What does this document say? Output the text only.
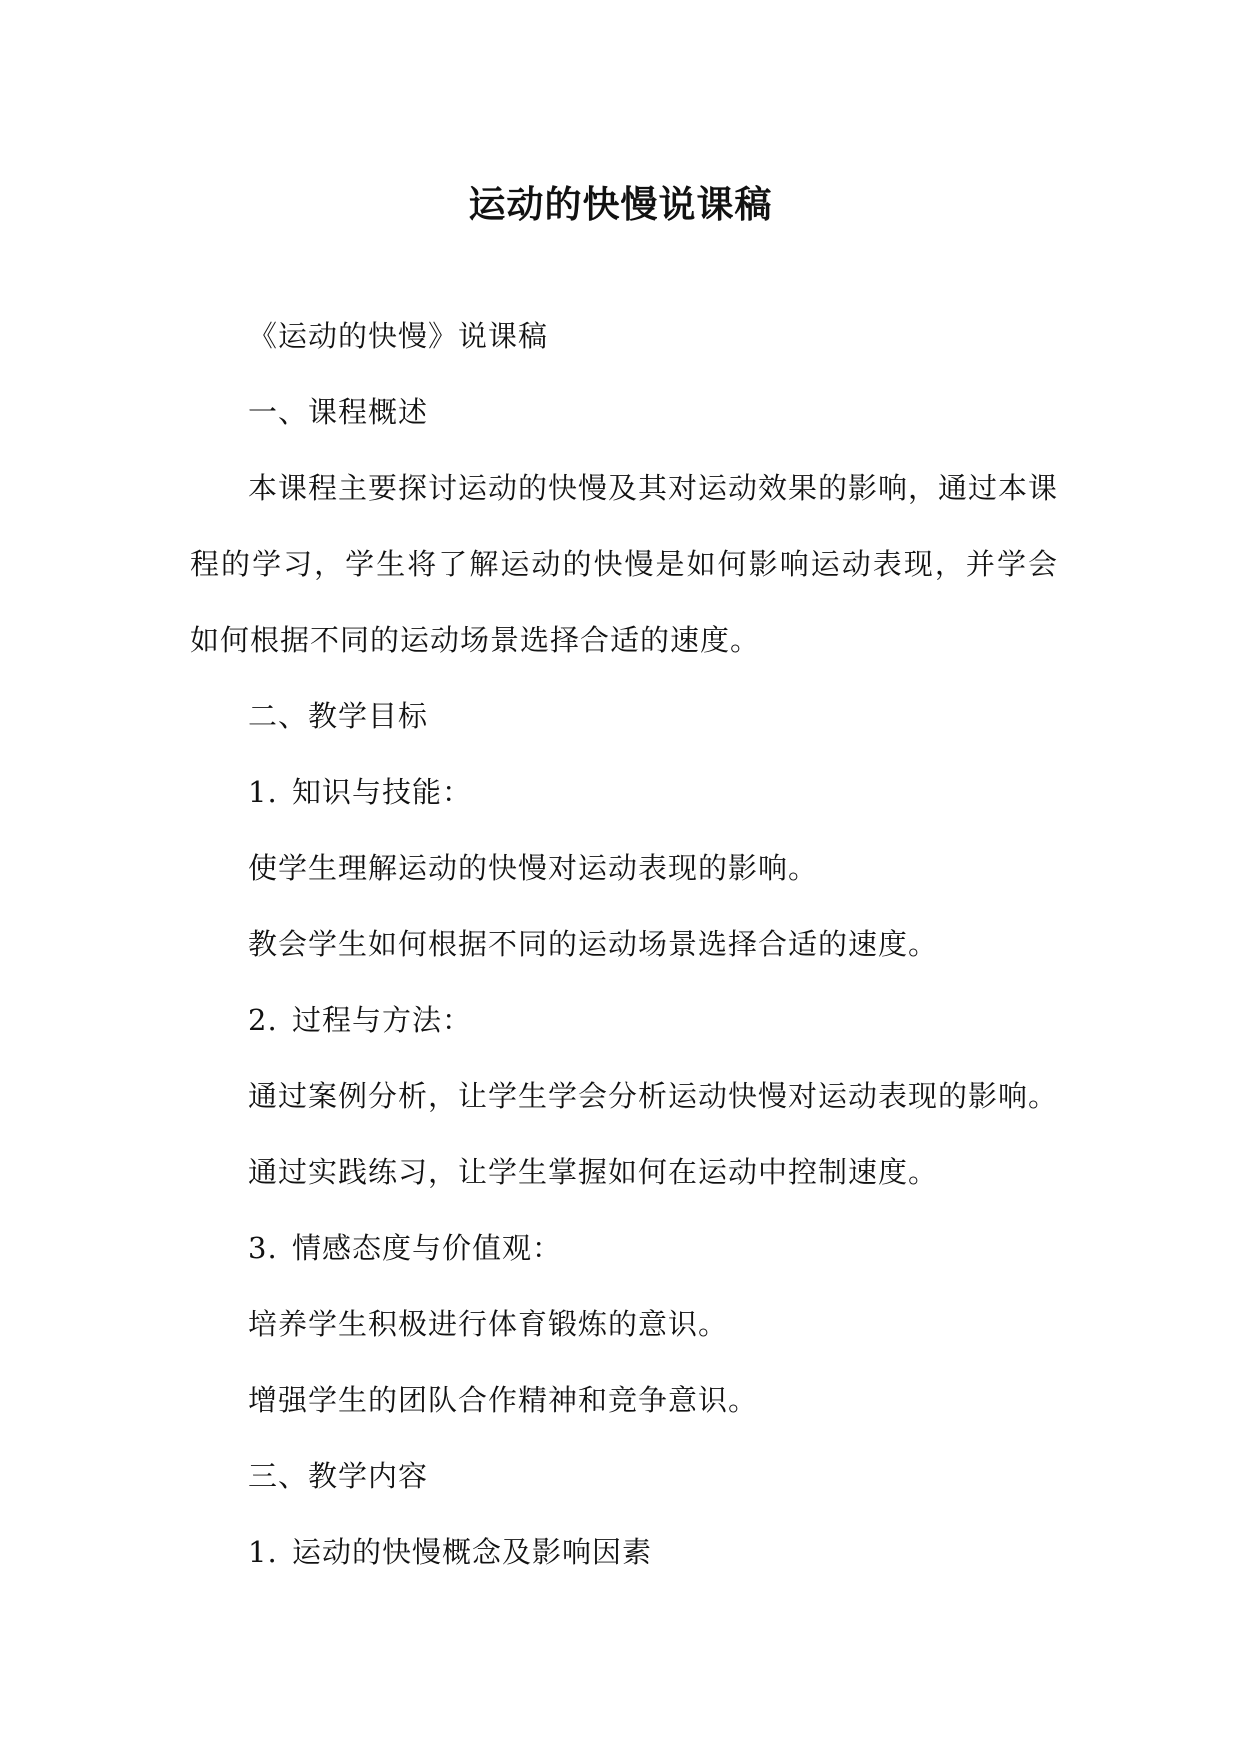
运动的快慢说课稿

《运动的快慢》说课稿

一、课程概述

本课程主要探讨运动的快慢及其对运动效果的影响，通过本课程的学习，学生将了解运动的快慢是如何影响运动表现，并学会如何根据不同的运动场景选择合适的速度。

二、教学目标

1. 知识与技能：

使学生理解运动的快慢对运动表现的影响。

教会学生如何根据不同的运动场景选择合适的速度。

2. 过程与方法：

通过案例分析，让学生学会分析运动快慢对运动表现的影响。

通过实践练习，让学生掌握如何在运动中控制速度。

3. 情感态度与价值观：

培养学生积极进行体育锻炼的意识。

增强学生的团队合作精神和竞争意识。

三、教学内容

1. 运动的快慢概念及影响因素
